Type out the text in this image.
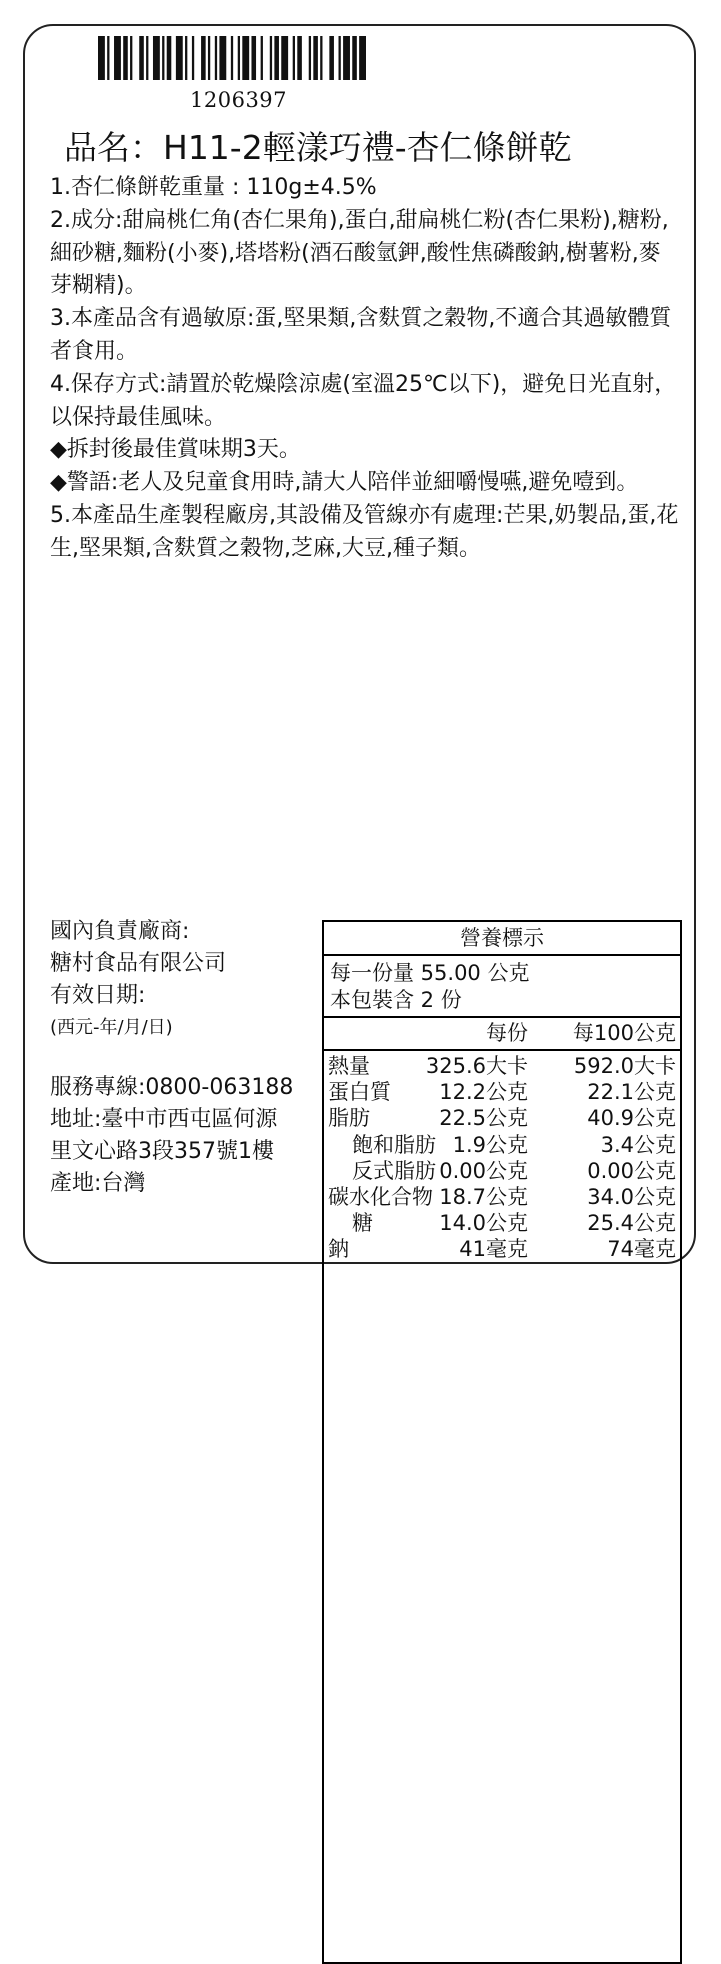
1206397
品名：H11-2輕漾巧禮-杏仁條餅乾

1.杏仁條餅乾重量 : 110g±4.5%

2.成分:甜扁桃仁角(杏仁果角),蛋白,甜扁桃仁粉(杏仁果粉),糖粉,細砂糖,麵粉(小麥),塔塔粉(酒石酸氫鉀,酸性焦磷酸鈉,樹薯粉,麥芽糊精)。

3.本產品含有過敏原:蛋,堅果類,含麩質之穀物,不適合其過敏體質者食用。

4.保存方式:請置於乾燥陰涼處(室溫25℃以下)，避免日光直射，以保持最佳風味。

◆拆封後最佳賞味期3天。

◆警語:老人及兒童食用時,請大人陪伴並細嚼慢嚥,避免噎到。

5.本產品生產製程廠房,其設備及管線亦有處理:芒果,奶製品,蛋,花生,堅果類,含麩質之穀物,芝麻,大豆,種子類。

國內負責廠商:
糖村食品有限公司
有效日期:
(西元-年/月/日)
服務專線:0800-063188
地址:臺中市西屯區何源
里文心路3段357號1樓
產地:台灣
營養標示
每一份量 55.00 公克
本包裝含 2 份
每份 每100公克
熱量	325.6大卡 592.0大卡
蛋白質 12.2公克	22.1公克
脂肪	22.5公克	40.9公克
飽和脂肪 1.9公克	3.4公克
反式脂肪 0.00公克	0.00公克
碳水化合物 18.7公克	34.0公克
糖	14.0公克	25.4公克
鈉	41毫克	74毫克
